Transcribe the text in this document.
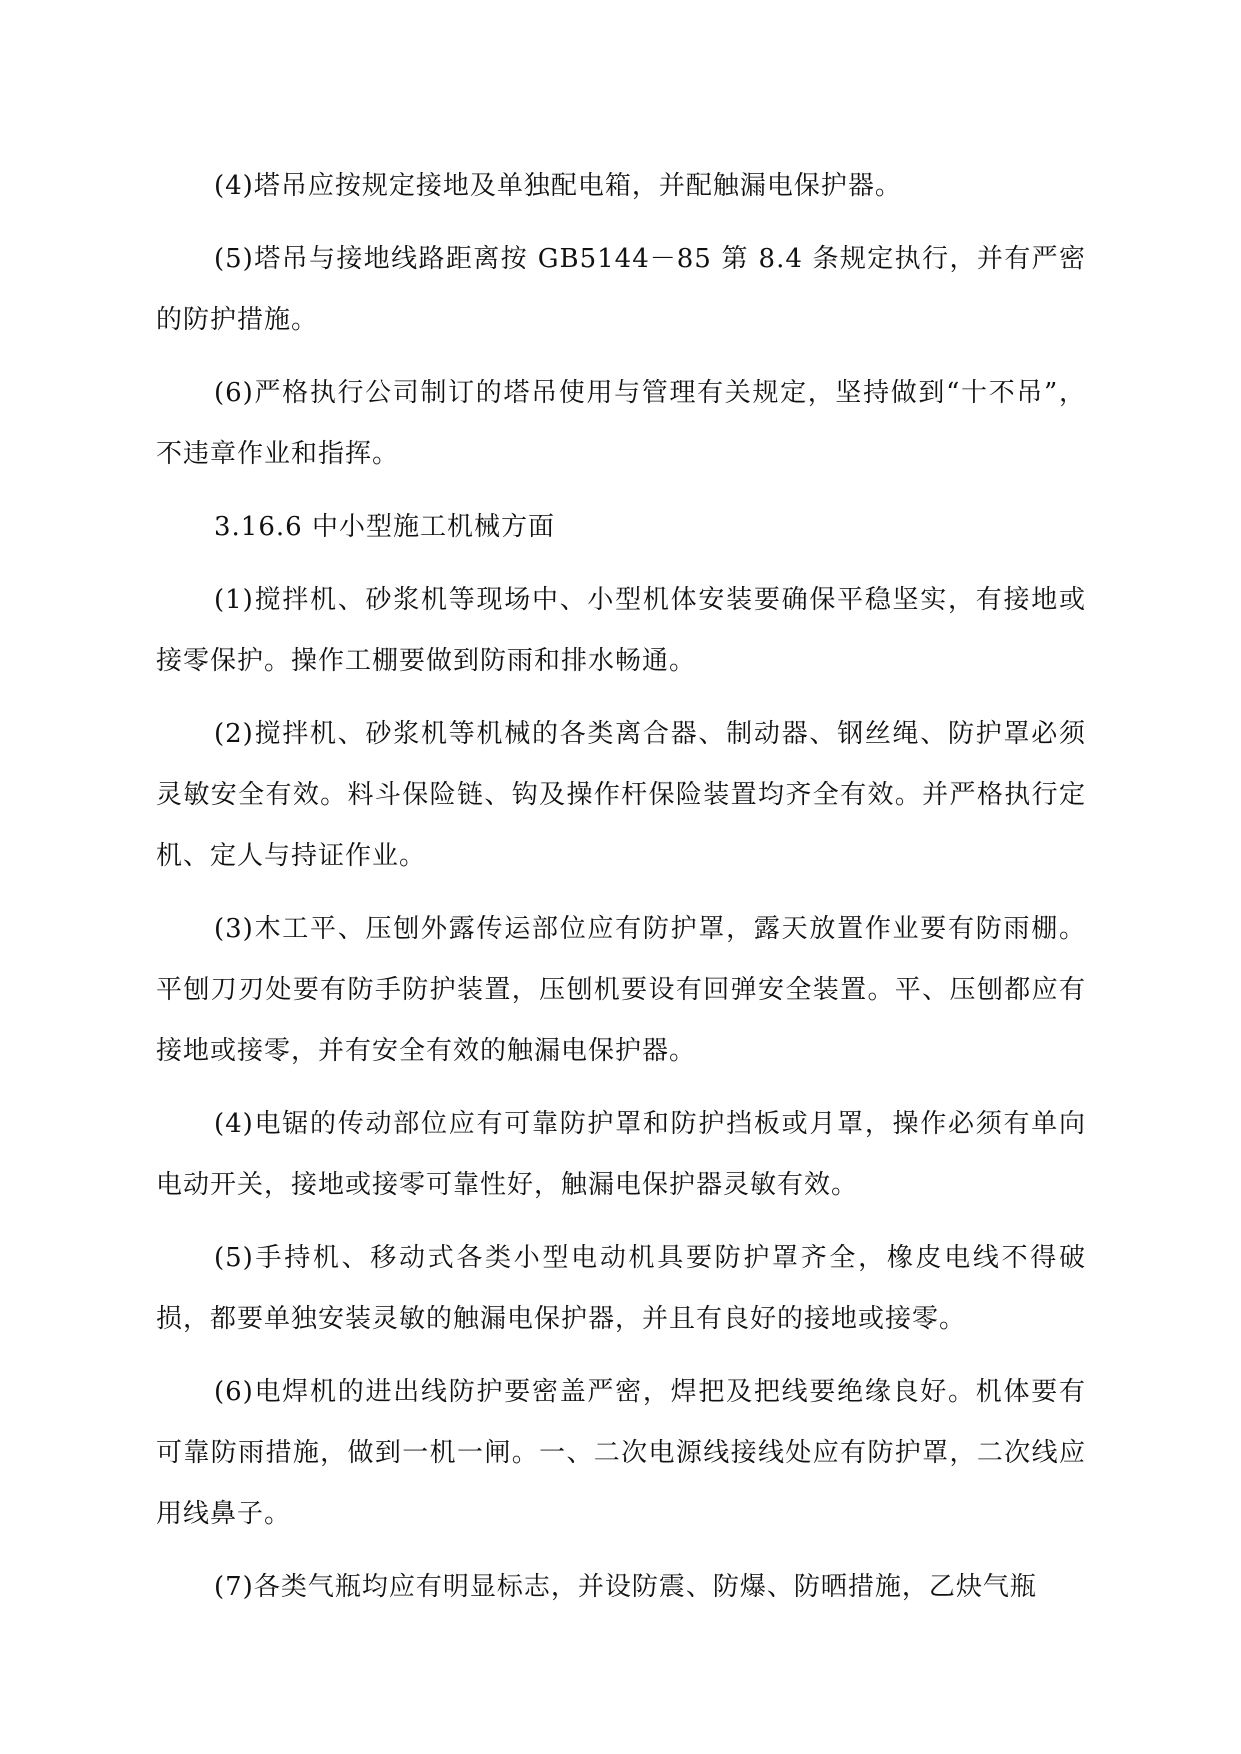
(4)塔吊应按规定接地及单独配电箱，并配触漏电保护器。

(5)塔吊与接地线路距离按 GB5144－85 第 8.4 条规定执行，并有严密的防护措施。

(6)严格执行公司制订的塔吊使用与管理有关规定，坚持做到“十不吊”，不违章作业和指挥。

3.16.6 中小型施工机械方面

(1)搅拌机、砂浆机等现场中、小型机体安装要确保平稳坚实，有接地或接零保护。操作工棚要做到防雨和排水畅通。

(2)搅拌机、砂浆机等机械的各类离合器、制动器、钢丝绳、防护罩必须灵敏安全有效。料斗保险链、钩及操作杆保险装置均齐全有效。并严格执行定机、定人与持证作业。

(3)木工平、压刨外露传运部位应有防护罩，露天放置作业要有防雨棚。平刨刀刃处要有防手防护装置，压刨机要设有回弹安全装置。平、压刨都应有接地或接零，并有安全有效的触漏电保护器。

(4)电锯的传动部位应有可靠防护罩和防护挡板或月罩，操作必须有单向电动开关，接地或接零可靠性好，触漏电保护器灵敏有效。

(5)手持机、移动式各类小型电动机具要防护罩齐全，橡皮电线不得破损，都要单独安装灵敏的触漏电保护器，并且有良好的接地或接零。

(6)电焊机的进出线防护要密盖严密，焊把及把线要绝缘良好。机体要有可靠防雨措施，做到一机一闸。一、二次电源线接线处应有防护罩，二次线应用线鼻子。

(7)各类气瓶均应有明显标志，并设防震、防爆、防晒措施，乙炔气瓶
